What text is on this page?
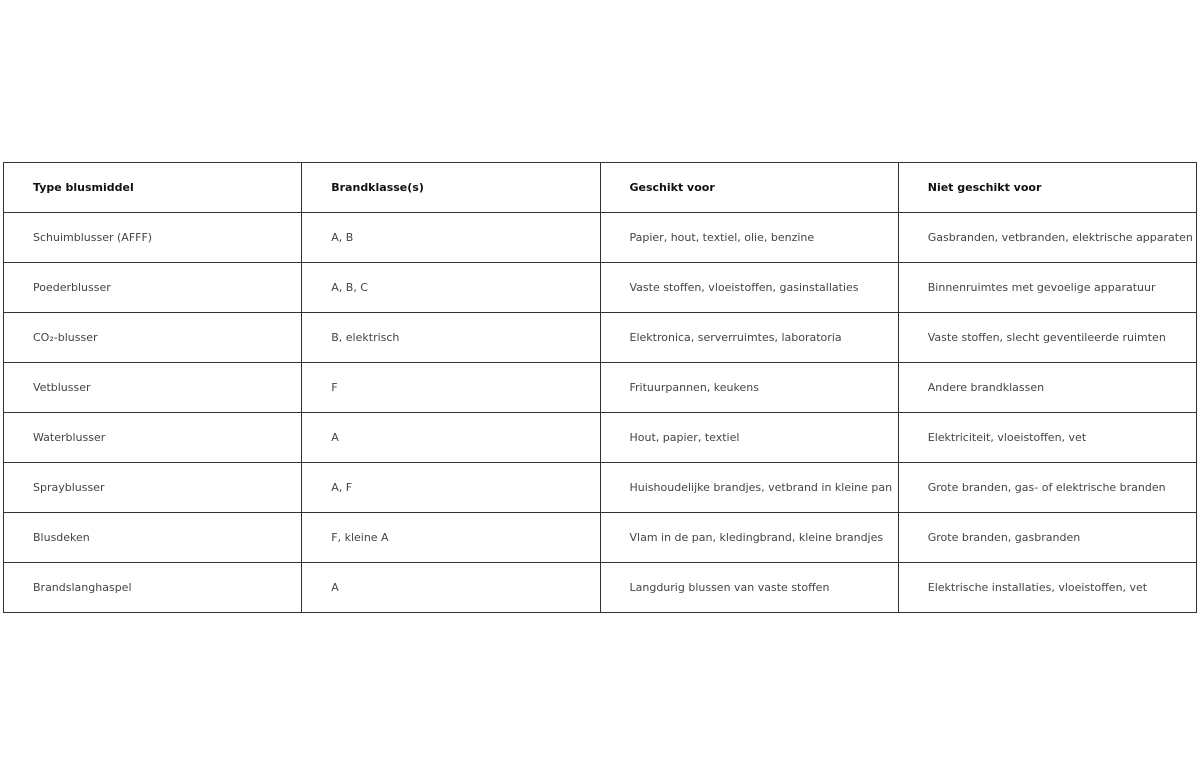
Type blusmiddel	Brandklasse(s)	Geschikt voor	Niet geschikt voor
Schuimblusser (AFFF)	A, B	Papier, hout, textiel, olie, benzine	Gasbranden, vetbranden, elektrische apparaten
Poederblusser	A, B, C	Vaste stoffen, vloeistoffen, gasinstallaties	Binnenruimtes met gevoelige apparatuur
CO₂-blusser	B, elektrisch	Elektronica, serverruimtes, laboratoria	Vaste stoffen, slecht geventileerde ruimten
Vetblusser	F	Frituurpannen, keukens	Andere brandklassen
Waterblusser	A	Hout, papier, textiel	Elektriciteit, vloeistoffen, vet
Sprayblusser	A, F	Huishoudelijke brandjes, vetbrand in kleine pan	Grote branden, gas- of elektrische branden
Blusdeken	F, kleine A	Vlam in de pan, kledingbrand, kleine brandjes	Grote branden, gasbranden
Brandslanghaspel	A	Langdurig blussen van vaste stoffen	Elektrische installaties, vloeistoffen, vet
